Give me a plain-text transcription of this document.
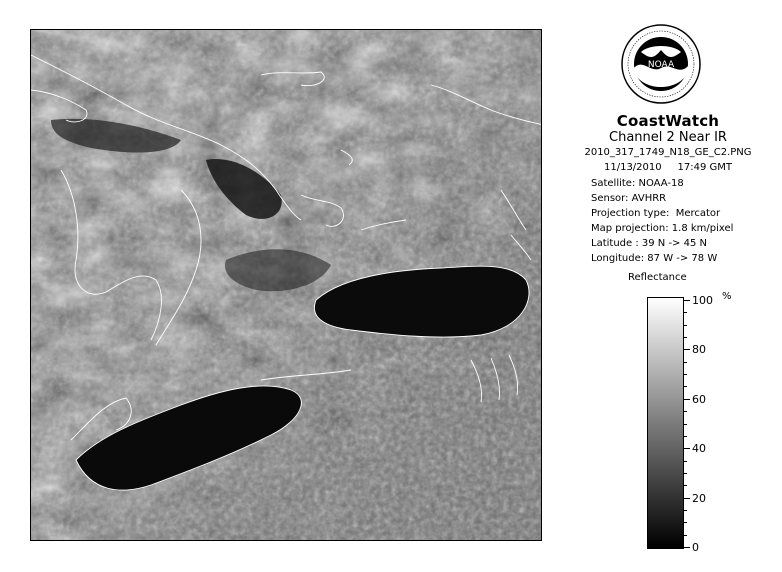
NOAA
CoastWatch
Channel 2 Near IR
2010_317_1749_N18_GE_C2.PNG
11/13/2010     17:49 GMT
Satellite: NOAA-18
Sensor: AVHRR
Projection type:  Mercator
Map projection: 1.8 km/pixel
Latitude : 39 N -> 45 N
Longitude: 87 W -> 78 W
Reflectance
%
100
80
60
40
20
0
